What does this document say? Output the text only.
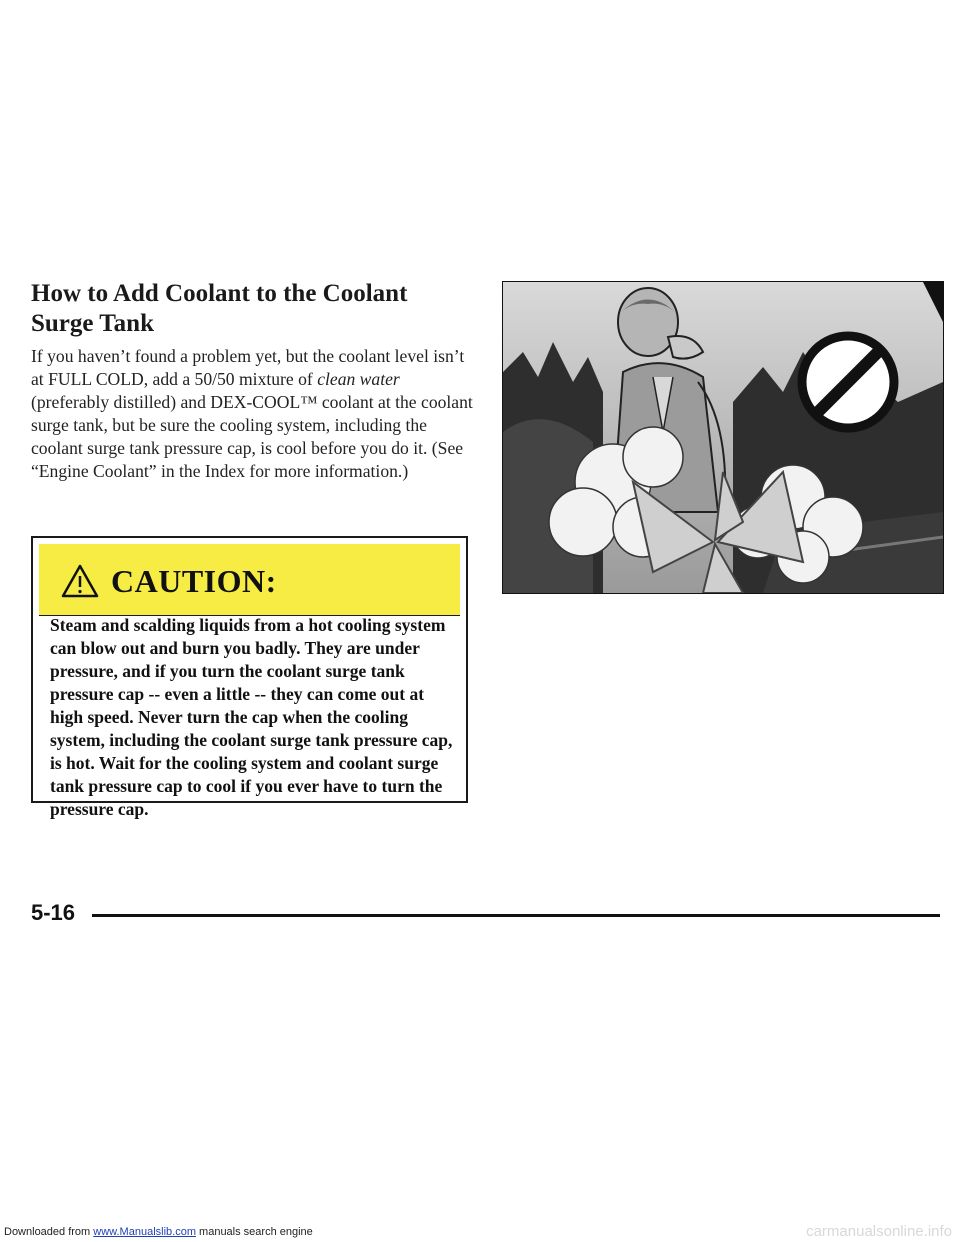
How to Add Coolant to the Coolant
Surge Tank

If you haven’t found a problem yet, but the coolant level isn’t at FULL COLD, add a 50/50 mixture of clean water (preferably distilled) and DEX-COOL™ coolant at the coolant surge tank, but be sure the cooling system, including the coolant surge tank pressure cap, is cool before you do it. (See “Engine Coolant” in the Index for more information.)

CAUTION:
Steam and scalding liquids from a hot cooling system can blow out and burn you badly. They are under pressure, and if you turn the coolant surge tank pressure cap -- even a little -- they can come out at high speed. Never turn the cap when the cooling system, including the coolant surge tank pressure cap, is hot. Wait for the cooling system and coolant surge tank pressure cap to cool if you ever have to turn the pressure cap.
5-16
Downloaded from www.Manualslib.com manuals search engine	carmanualsonline.info
